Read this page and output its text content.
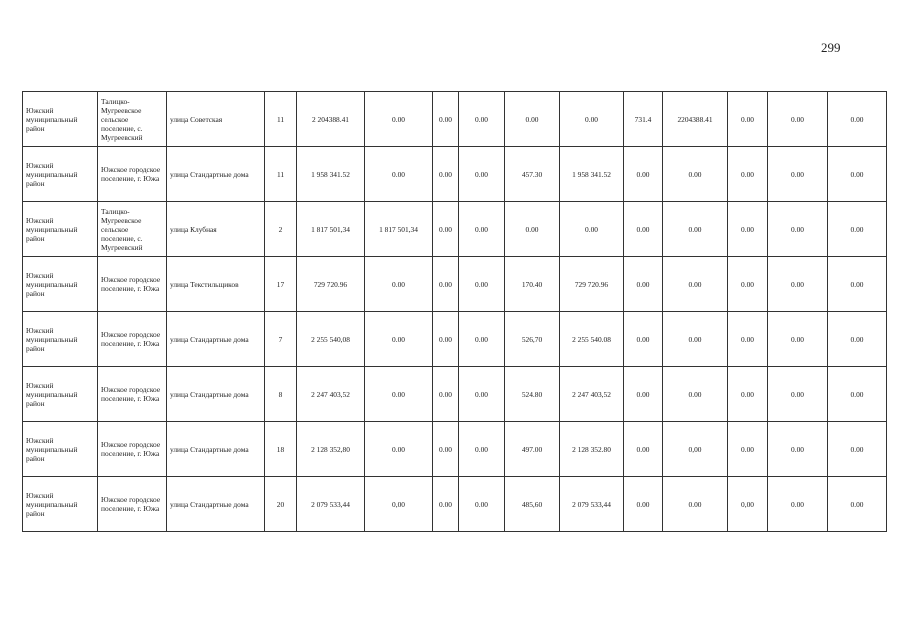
299
Южский муниципальный район	Талицко-Мугреевское сельское поселение, с. Мугреевский	улица Советская	11	2 204388.41	0.00	0.00	0.00	0.00	0.00	731.4	2204388.41	0.00	0.00	0.00
Южский муниципальный район	Южское городское поселение, г. Южа	улица Стандартные дома	11	1 958 341.52	0.00	0.00	0.00	457.30	1 958 341.52	0.00	0.00	0.00	0.00	0.00
Южский муниципальный район	Талицко-Мугреевское сельское поселение, с. Мугреевский	улица Клубная	2	1 817 501,34	1 817 501,34	0.00	0.00	0.00	0.00	0.00	0.00	0.00	0.00	0.00
Южский муниципальный район	Южское городское поселение, г. Южа	улица Текстильщиков	17	729 720.96	0.00	0.00	0.00	170.40	729 720.96	0.00	0.00	0.00	0.00	0.00
Южский муниципальный район	Южское городское поселение, г. Южа	улица Стандартные дома	7	2 255 540,08	0.00	0.00	0.00	526,70	2 255 540.08	0.00	0.00	0.00	0.00	0.00
Южский муниципальный район	Южское городское поселение, г. Южа	улица Стандартные дома	8	2 247 403,52	0.00	0.00	0.00	524.80	2 247 403,52	0.00	0.00	0.00	0.00	0.00
Южский муниципальный район	Южское городское поселение, г. Южа	улица Стандартные дома	18	2 128 352,80	0.00	0.00	0.00	497.00	2 128 352.80	0.00	0,00	0.00	0.00	0.00
Южский муниципальный район	Южское городское поселение, г. Южа	улица Стандартные дома	20	2 079 533,44	0,00	0.00	0.00	485,60	2 079 533,44	0.00	0.00	0,00	0.00	0.00
